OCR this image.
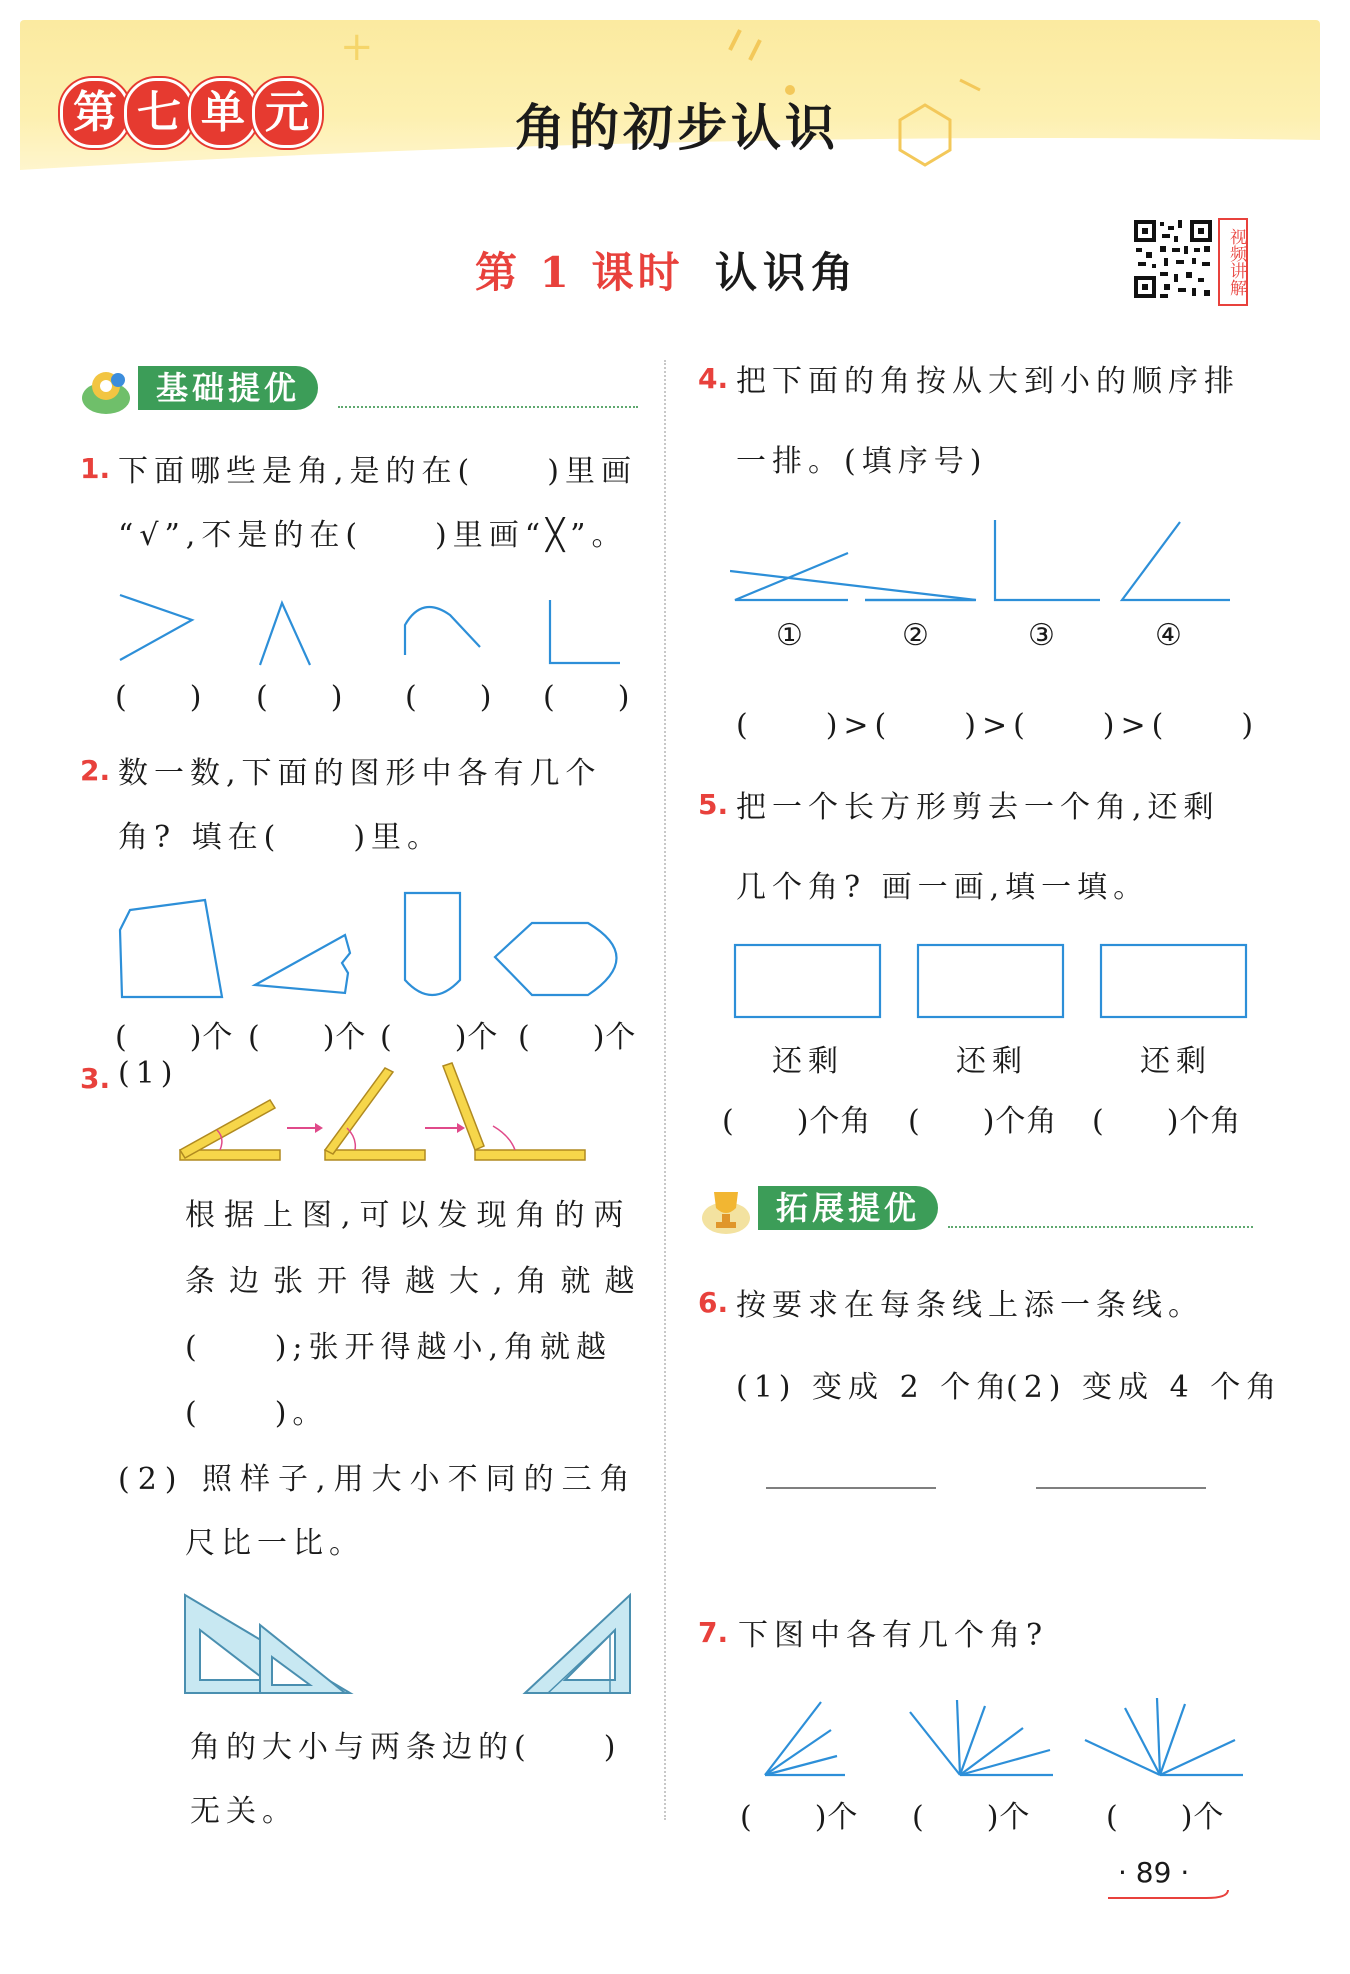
+
第 七 单 元	角的初步认识
第 1 课时 认识角	视频讲解
基础提优
1. 下面哪些是角,是的在(　　)里画
“√”,不是的在(　　)里画“╳”。
(　　) (　　) (　　) (　　)
2. 数一数,下面的图形中各有几个
角? 填在(　　)里。
(　　)个 (　　)个 (　　)个 (　　)个
3. (1)
根据上图,可以发现角的两
条边张开得越大,角就越
(　　);张开得越小,角就越
(　　)。
(2) 照样子,用大小不同的三角
尺比一比。
角的大小与两条边的(　　)
无关。
4. 把下面的角按从大到小的顺序排
一排。(填序号)
①	②	③	④
(　　)>(　　)>(　　)>(　　)
5. 把一个长方形剪去一个角,还剩
几个角? 画一画,填一填。
还剩	还剩	还剩
(　　)个角 (　　)个角 (　　)个角
拓展提优
6. 按要求在每条线上添一条线。
(1) 变成 2 个角
(2) 变成 4 个角
7. 下图中各有几个角?
(　　)个 (　　)个	(　　)个
· 89 ·
